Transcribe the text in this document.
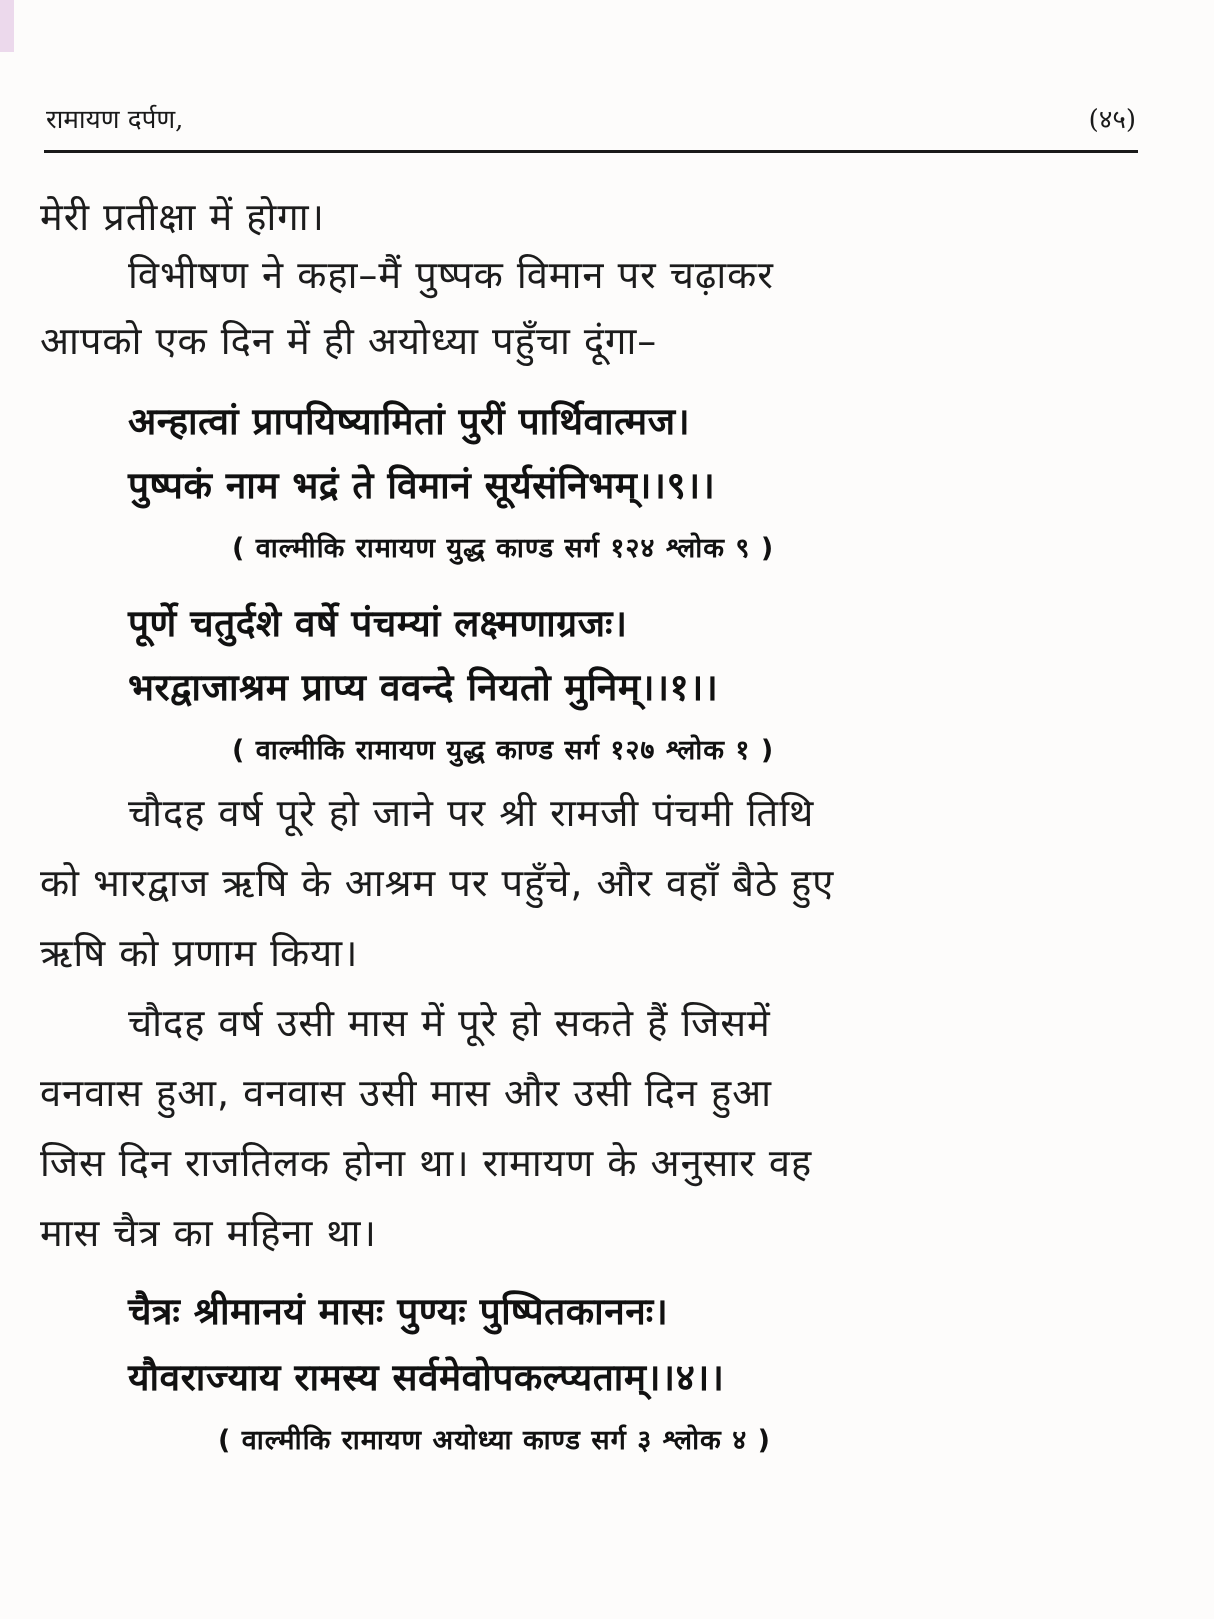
रामायण दर्पण,	(४५)
मेरी प्रतीक्षा में होगा।
विभीषण ने कहा–मैं पुष्पक विमान पर चढ़ाकर
आपको एक दिन में ही अयोध्या पहुँचा दूंगा–
अन्हात्वां प्रापयिष्यामितां पुरीं पार्थिवात्मज।
पुष्पकं नाम भद्रं ते विमानं सूर्यसंनिभम्।।९।।
( वाल्मीकि रामायण युद्ध काण्ड सर्ग १२४ श्लोक ९ )
पूर्णे चतुर्दशे वर्षे पंचम्यां लक्ष्मणाग्रजः।
भरद्वाजाश्रम प्राप्य ववन्दे नियतो मुनिम्।।१।।
( वाल्मीकि रामायण युद्ध काण्ड सर्ग १२७ श्लोक १ )
चौदह वर्ष पूरे हो जाने पर श्री रामजी पंचमी तिथि
को भारद्वाज ऋषि के आश्रम पर पहुँचे, और वहाँ बैठे हुए
ऋषि को प्रणाम किया।
चौदह वर्ष उसी मास में पूरे हो सकते हैं जिसमें
वनवास हुआ, वनवास उसी मास और उसी दिन हुआ
जिस दिन राजतिलक होना था। रामायण के अनुसार वह
मास चैत्र का महिना था।
चैत्रः श्रीमानयं मासः पुण्यः पुष्पितकाननः।
यौवराज्याय रामस्य सर्वमेवोपकल्प्यताम्।।४।।
( वाल्मीकि रामायण अयोध्या काण्ड सर्ग ३ श्लोक ४ )
